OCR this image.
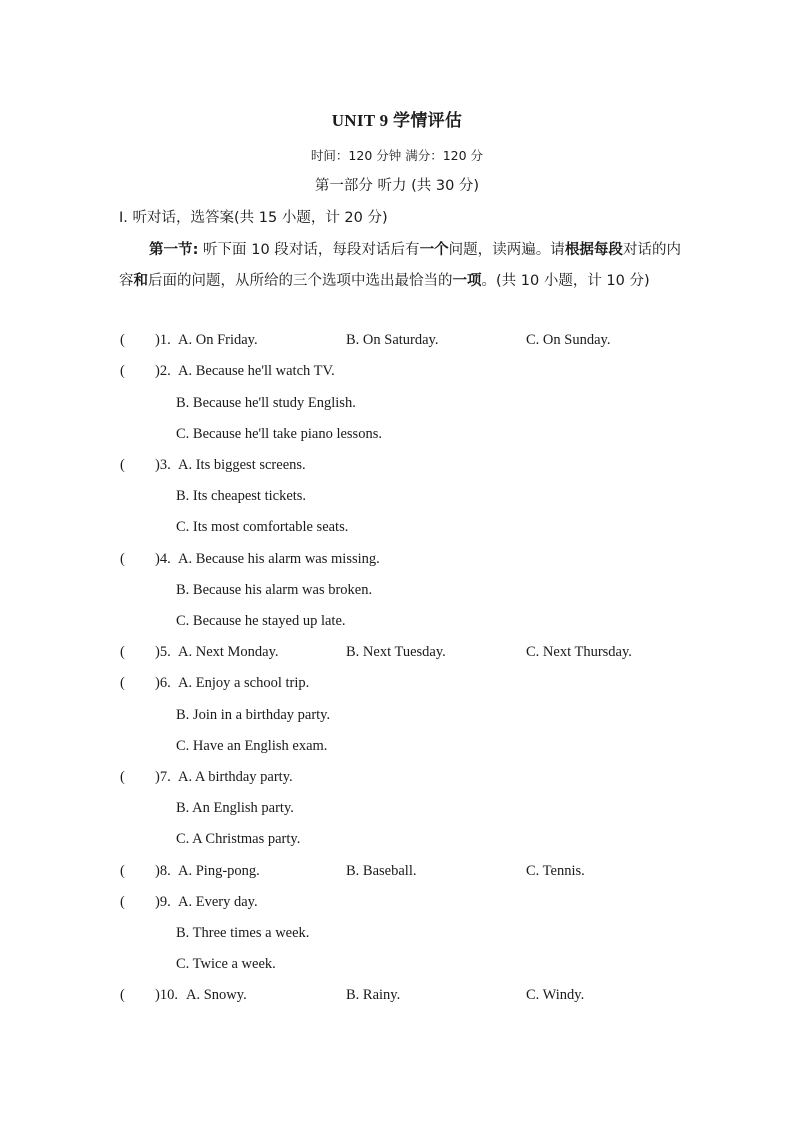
UNIT 9 学情评估
时间：120 分钟 满分：120 分
第一部分 听力 (共 30 分)
Ⅰ. 听对话，选答案(共 15 小题，计 20 分)
第一节: 听下面 10 段对话，每段对话后有一个问题，读两遍。请根据每段对话的内容和后面的问题，从所给的三个选项中选出最恰当的一项。(共 10 小题，计 10 分)
( )1. A. On Friday.	B. On Saturday.	C. On Sunday.
( )2. A. Because he'll watch TV.
B. Because he'll study English.
C. Because he'll take piano lessons.
( )3. A. Its biggest screens.
B. Its cheapest tickets.
C. Its most comfortable seats.
( )4. A. Because his alarm was missing.
B. Because his alarm was broken.
C. Because he stayed up late.
( )5. A. Next Monday.	B. Next Tuesday.	C. Next Thursday.
( )6. A. Enjoy a school trip.
B. Join in a birthday party.
C. Have an English exam.
( )7. A. A birthday party.
B. An English party.
C. A Christmas party.
( )8. A. Ping-pong.	B. Baseball.	C. Tennis.
( )9. A. Every day.
B. Three times a week.
C. Twice a week.
( )10. A. Snowy.	B. Rainy.	C. Windy.
